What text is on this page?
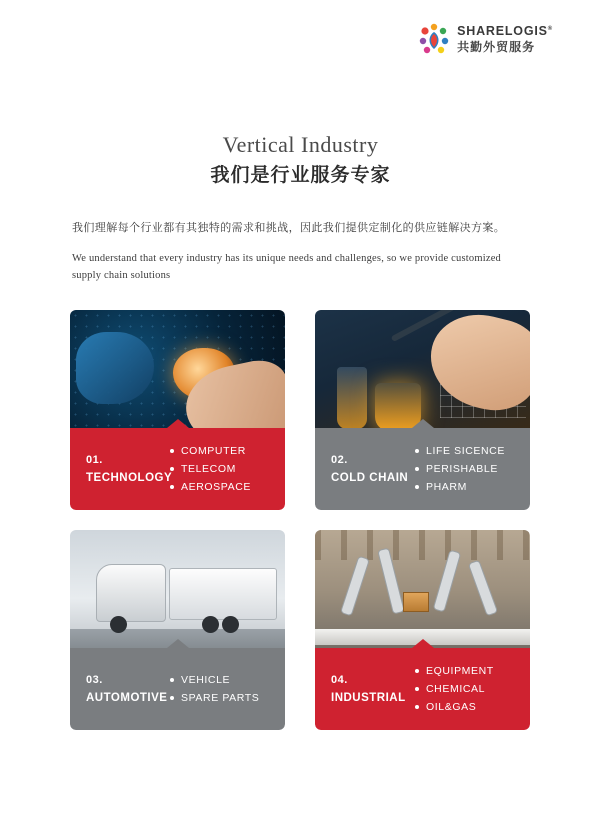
SHARELOGIS®
共勤外贸服务
Vertical Industry
我们是行业服务专家
我们理解每个行业都有其独特的需求和挑战，因此我们提供定制化的供应链解决方案。
We understand that every industry has its unique needs and challenges, so we provide customized supply chain solutions
01.
TECHNOLOGY
COMPUTER
TELECOM
AEROSPACE
02.
COLD CHAIN
LIFE SICENCE
PERISHABLE
PHARM
03.
AUTOMOTIVE
VEHICLE
SPARE PARTS
04.
INDUSTRIAL
EQUIPMENT
CHEMICAL
OIL&GAS
